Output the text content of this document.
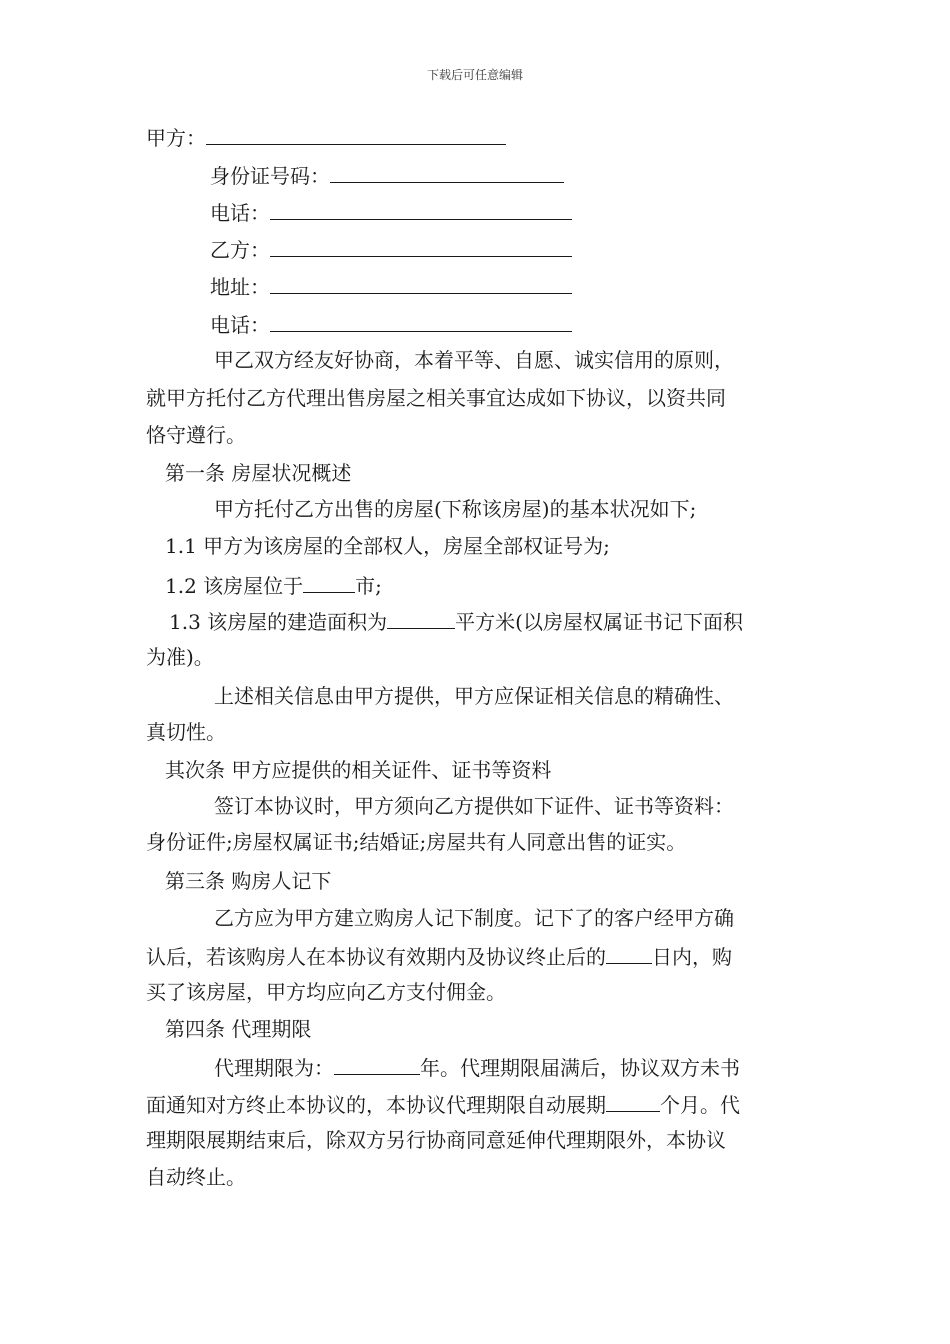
下载后可任意编辑
甲方：
身份证号码：
电话：
乙方：
地址：
电话：
甲乙双方经友好协商，本着平等、自愿、诚实信用的原则，
就甲方托付乙方代理出售房屋之相关事宜达成如下协议，以资共同
恪守遵行。
第一条 房屋状况概述
甲方托付乙方出售的房屋(下称该房屋)的基本状况如下;
1.1 甲方为该房屋的全部权人，房屋全部权证号为;
1.2 该房屋位于	市;
1.3 该房屋的建造面积为	平方米(以房屋权属证书记下面积
为准)。
上述相关信息由甲方提供，甲方应保证相关信息的精确性、
真切性。
其次条 甲方应提供的相关证件、证书等资料
签订本协议时，甲方须向乙方提供如下证件、证书等资料：
身份证件;房屋权属证书;结婚证;房屋共有人同意出售的证实。
第三条 购房人记下
乙方应为甲方建立购房人记下制度。记下了的客户经甲方确
认后，若该购房人在本协议有效期内及协议终止后的 日内，购
买了该房屋，甲方均应向乙方支付佣金。
第四条 代理期限
代理期限为：	年。代理期限届满后，协议双方未书
面通知对方终止本协议的，本协议代理期限自动展期	个月。代
理期限展期结束后，除双方另行协商同意延伸代理期限外，本协议
自动终止。
